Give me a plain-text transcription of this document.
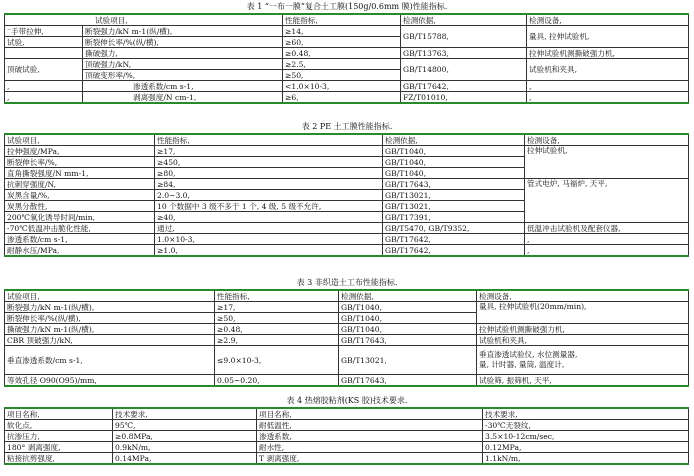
表 1 “一布一膜”复合土工膜(150g/0.6mm 膜)性能指标.
试验项目,		性能指标,	检测依据,	检测设备,
⁻手带拉伸,	断裂强力/kN m-1(纵/横),	≥14,	GB/T15788,	量具, 拉伸试验机,
试验,	断裂伸长率/%(纵/横),	≥60,		
	撕破强力,	≥0.48,	GB/T13763,	拉伸试验机测撕破强力机,
顶破试验,	顶破强力/kN,	≥2.5,	GB/T14800,	试验机和夹具,
	顶破变形率/%,	≥50,		
,	渗透系数/cm s-1,	<1.0×10-3,	GB/T17642,	,
,	剥离强度/N cm-1,	≥6,	FZ/T01010,	,
表 2 PE 土工膜性能指标.
试验项目,	性能指标,	检测依据,	检测设备,
拉伸强度/MPa,	≥17,	GB/T1040,	拉伸试验机,
断裂伸长率/%,	≥450,	GB/T1040,	
直角撕裂强度/N mm-1,	≥80,	GB/T1040,	
抗刺穿强度/N,	≥84,	GB/T17643,	管式电炉, 马福炉, 天平,
炭黑含量/%,	2.0~3.0,	GB/T13021,	
炭黑分散性,	10 个数据中 3 级不多于 1 个, 4 级, 5 级不允许,	GB/T13021,	
200℃氧化诱导时间/min,	≥40,	GB/T17391,	
-70℃低温冲击脆化性能,	通过,	GB/T5470, GB/T9352,	低温冲击试验机及配套仪器,
渗透系数/cm s-1,	1.0×10-3,	GB/T17642,	,
耐静水压/MPa,	≥1.0,	GB/T17642,	,
表 3 非织造土工布性能指标.
试验项目,	性能指标,	检测依据,	检测设备,
断裂强力/kN m-1(纵/横),	≥17,	GB/T1040,	量具, 拉伸试验机(20mm/min),
断裂伸长率/%(纵/横),	≥50,	GB/T1040,	
撕破强力/kN m-1(纵/横),	≥0.48,	GB/T1040,	拉伸试验机测撕破强力机,
CBR 顶破强力/kN,	≥2.9,	GB/T17643,	试验机和夹具,
垂直渗透系数/cm s-1,	≤9.0×10-3,	GB/T13021,	垂直渗透试验仪, 水位测量器,
量, 计时器, 量筒, 温度计,

等效孔径 O90(O95)/mm,	0.05~0.20,	GB/T17643,	试验筛, 振筛机, 天平,
表 4 热熔胶粘剂(KS 胶)技术要求.
项目名称,	技术要求,	项目名称,	技术要求,
软化点,	95℃,	耐低温性,	-30℃无裂纹,
抗渗压力,	≥0.8MPa,	渗透系数,	3.5×10-12cm/sec,
180° 剥离强度,	0.9kN/m,	耐水性,	0.12MPa,
粘接抗剪强度,	0.14MPa,	T 剥离强度,	1.1kN/m,
